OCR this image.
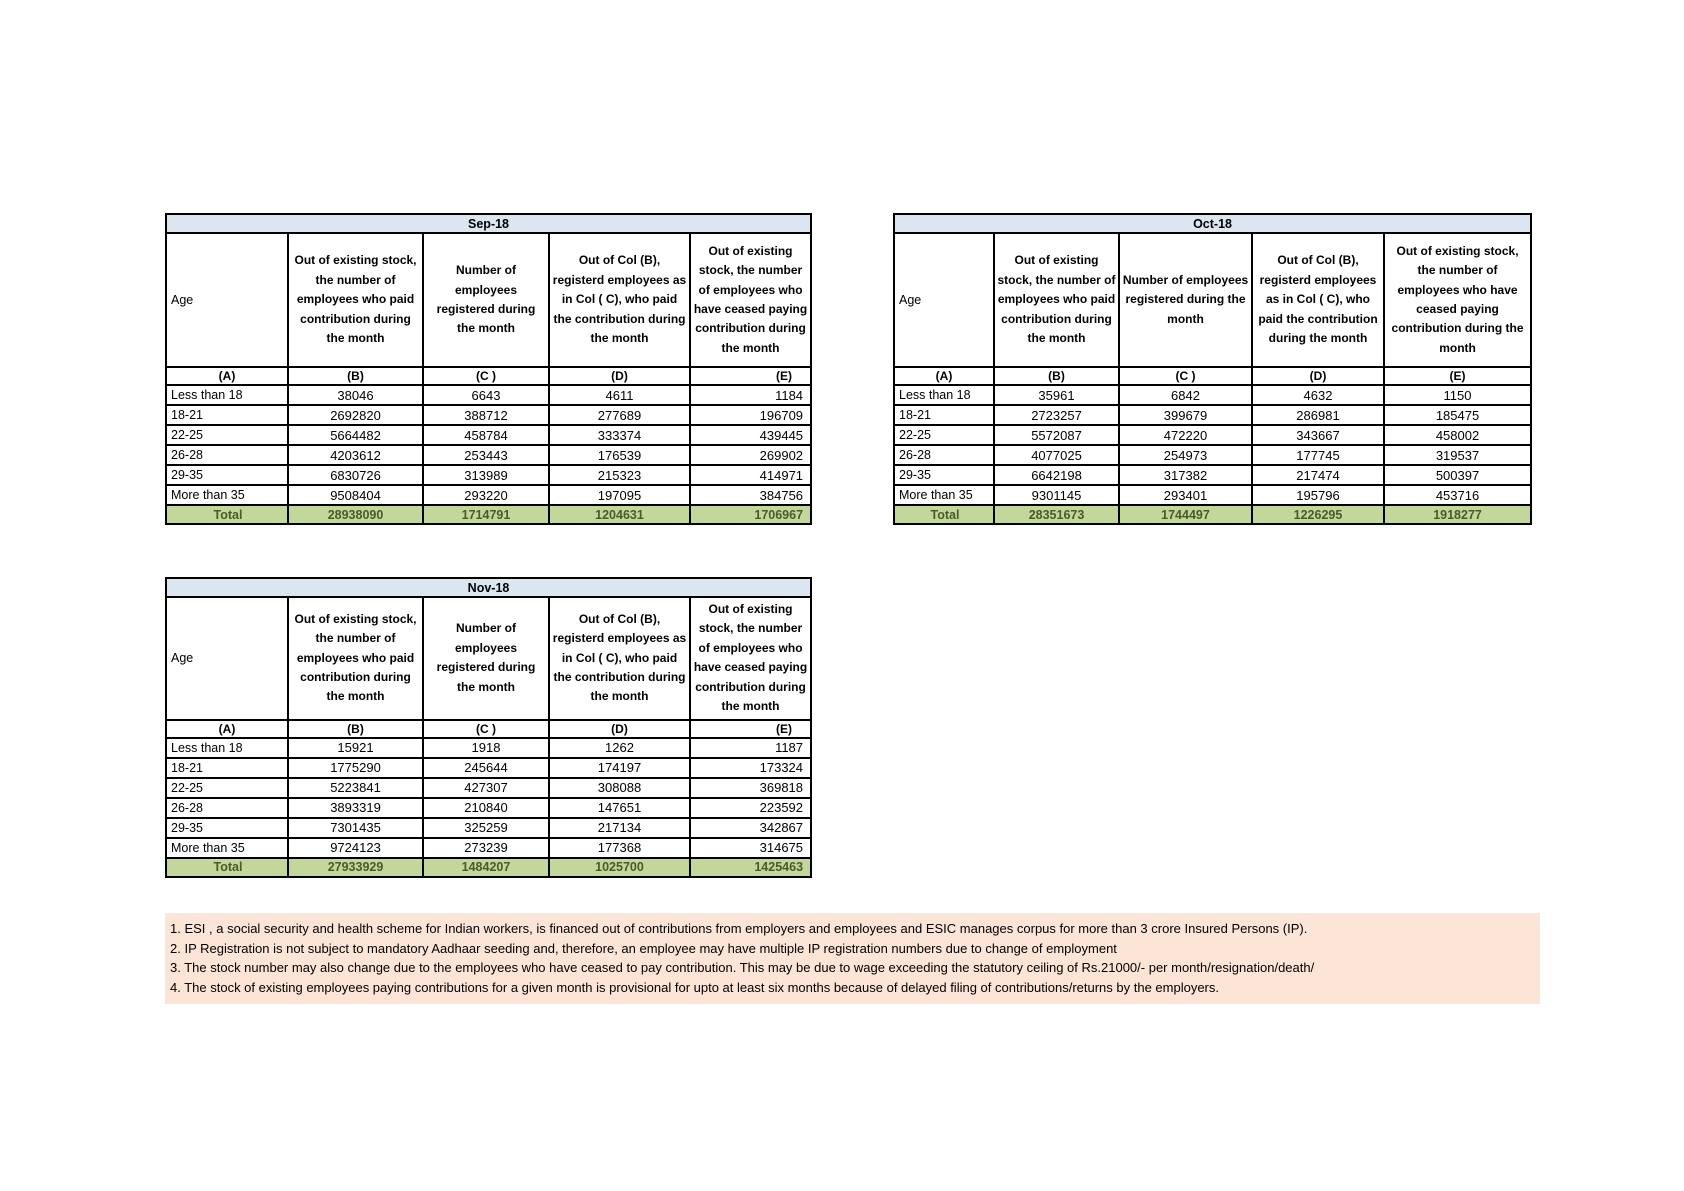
Sep-18				
Age	Out of existing stock, the number of employees who paid contribution during the month	Number of employees registered during the month	Out of Col (B), registerd employees as in Col ( C), who paid the contribution during the month	Out of existing stock, the number of employees who have ceased paying contribution during the month
(A)	(B)	(C )	(D)	(E)
Less than 18	38046	6643	4611	1184
18-21	2692820	388712	277689	196709
22-25	5664482	458784	333374	439445
26-28	4203612	253443	176539	269902
29-35	6830726	313989	215323	414971
More than 35	9508404	293220	197095	384756
Total	28938090	1714791	1204631	1706967
Oct-18				
Age	Out of existing stock, the number of employees who paid contribution during the month	Number of employees registered during the month	Out of Col (B), registerd employees as in Col ( C), who paid the contribution during the month	Out of existing stock, the number of employees who have ceased paying contribution during the month
(A)	(B)	(C )	(D)	(E)
Less than 18	35961	6842	4632	1150
18-21	2723257	399679	286981	185475
22-25	5572087	472220	343667	458002
26-28	4077025	254973	177745	319537
29-35	6642198	317382	217474	500397
More than 35	9301145	293401	195796	453716
Total	28351673	1744497	1226295	1918277
Nov-18				
Age	Out of existing stock, the number of employees who paid contribution during the month	Number of employees registered during the month	Out of Col (B), registerd employees as in Col ( C), who paid the contribution during the month	Out of existing stock, the number of employees who have ceased paying contribution during the month
(A)	(B)	(C )	(D)	(E)
Less than 18	15921	1918	1262	1187
18-21	1775290	245644	174197	173324
22-25	5223841	427307	308088	369818
26-28	3893319	210840	147651	223592
29-35	7301435	325259	217134	342867
More than 35	9724123	273239	177368	314675
Total	27933929	1484207	1025700	1425463
1. ESI , a social security and health scheme for Indian workers, is financed out of contributions from employers and employees and ESIC manages corpus for more than 3 crore Insured Persons (IP).
2. IP Registration is not subject to mandatory Aadhaar seeding and, therefore, an employee may have multiple IP registration numbers due to change of employment
3. The stock number may also change due to the employees who have ceased to pay contribution. This may be due to wage exceeding the statutory ceiling of Rs.21000/- per month/resignation/death/
4. The stock of existing employees paying contributions for a given month is provisional for upto at least six months because of delayed filing of contributions/returns by the employers.
